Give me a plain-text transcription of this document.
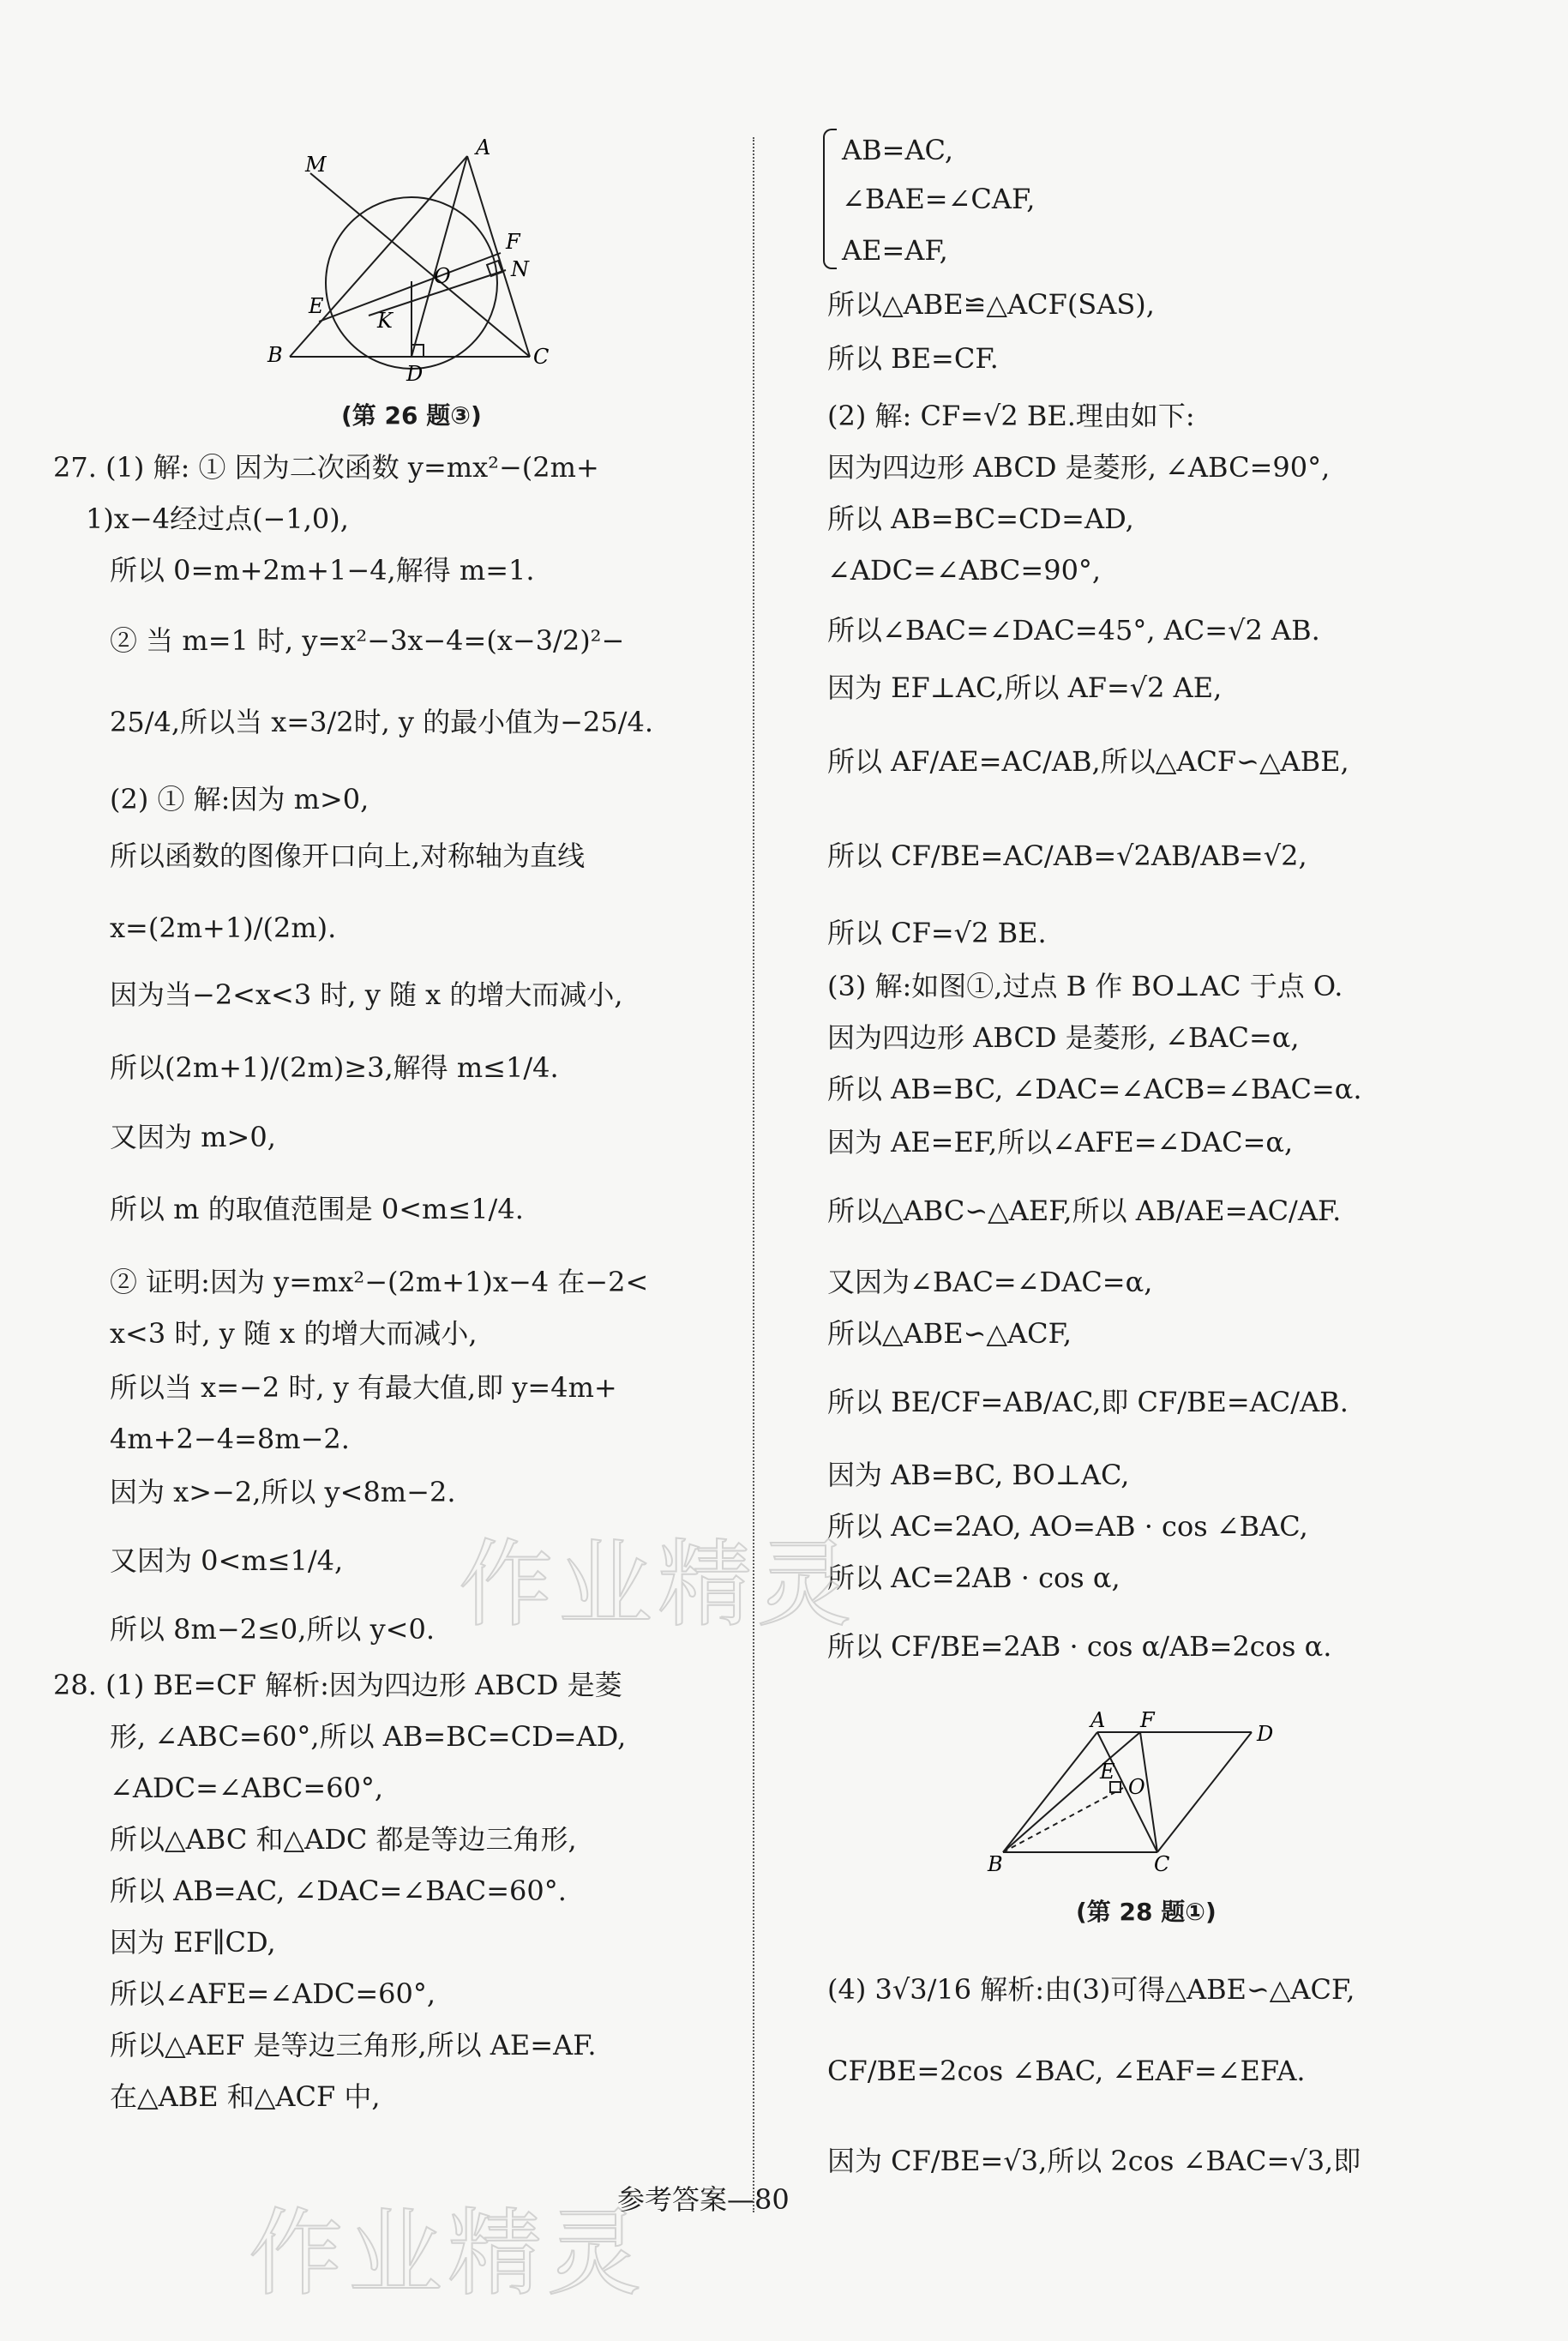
A
M
F
N
O
E
K
B
D
C
(第 26 题③)
27. (1) 解: ① 因为二次函数 y=mx²−(2m+
1)x−4经过点(−1,0),
所以 0=m+2m+1−4,解得 m=1.
② 当 m=1 时, y=x²−3x−4=(x−3/2)²−
25/4,所以当 x=3/2时, y 的最小值为−25/4.
(2) ① 解:因为 m>0,
所以函数的图像开口向上,对称轴为直线
x=(2m+1)/(2m).
因为当−2<x<3 时, y 随 x 的增大而减小,
所以(2m+1)/(2m)≥3,解得 m≤1/4.
又因为 m>0,
所以 m 的取值范围是 0<m≤1/4.
② 证明:因为 y=mx²−(2m+1)x−4 在−2<
x<3 时, y 随 x 的增大而减小,
所以当 x=−2 时, y 有最大值,即 y=4m+
4m+2−4=8m−2.
因为 x>−2,所以 y<8m−2.
又因为 0<m≤1/4,
所以 8m−2≤0,所以 y<0.
28. (1) BE=CF 解析:因为四边形 ABCD 是菱
形, ∠ABC=60°,所以 AB=BC=CD=AD,
∠ADC=∠ABC=60°,
所以△ABC 和△ADC 都是等边三角形,
所以 AB=AC, ∠DAC=∠BAC=60°.
因为 EF∥CD,
所以∠AFE=∠ADC=60°,
所以△AEF 是等边三角形,所以 AE=AF.
在△ABE 和△ACF 中,
AB=AC,
∠BAE=∠CAF,
AE=AF,
所以△ABE≌△ACF(SAS),
所以 BE=CF.
(2) 解: CF=√2 BE.理由如下:
因为四边形 ABCD 是菱形, ∠ABC=90°,
所以 AB=BC=CD=AD,
∠ADC=∠ABC=90°,
所以∠BAC=∠DAC=45°, AC=√2 AB.
因为 EF⊥AC,所以 AF=√2 AE,
所以 AF/AE=AC/AB,所以△ACF∽△ABE,
所以 CF/BE=AC/AB=√2AB/AB=√2,
所以 CF=√2 BE.
(3) 解:如图①,过点 B 作 BO⊥AC 于点 O.
因为四边形 ABCD 是菱形, ∠BAC=α,
所以 AB=BC, ∠DAC=∠ACB=∠BAC=α.
因为 AE=EF,所以∠AFE=∠DAC=α,
所以△ABC∽△AEF,所以 AB/AE=AC/AF.
又因为∠BAC=∠DAC=α,
所以△ABE∽△ACF,
所以 BE/CF=AB/AC,即 CF/BE=AC/AB.
因为 AB=BC, BO⊥AC,
所以 AC=2AO, AO=AB · cos ∠BAC,
所以 AC=2AB · cos α,
所以 CF/BE=2AB · cos α/AB=2cos α.
A F
D
E
O
B	C
(第 28 题①)
(4) 3√3/16 解析:由(3)可得△ABE∽△ACF,
CF/BE=2cos ∠BAC, ∠EAF=∠EFA.
因为 CF/BE=√3,所以 2cos ∠BAC=√3,即
作业精灵
作业精灵
参考答案—80
